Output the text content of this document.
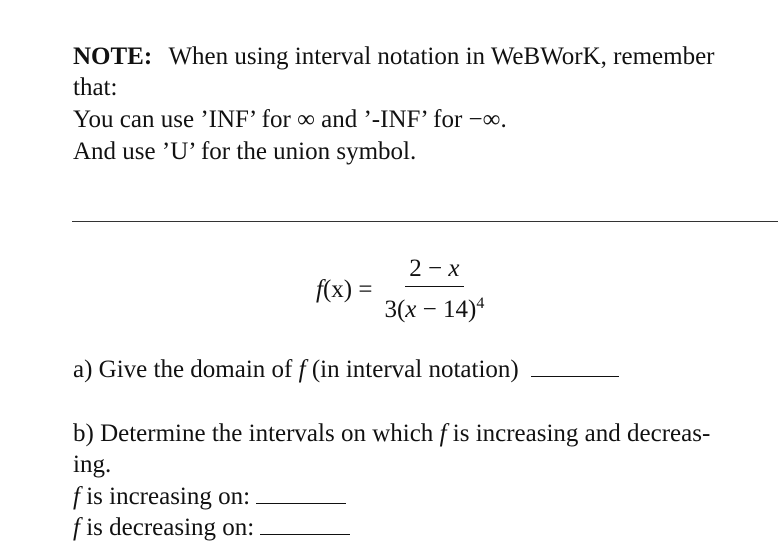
NOTE: When using interval notation in WeBWorK, remember
that:
You can use ’INF’ for ∞ and ’-INF’ for −∞.
And use ’U’ for the union symbol.
$f(x) = \frac{2 - x}{3(x - 14)^4}$
a) Give the domain of f (in interval notation)
b) Determine the intervals on which f is increasing and decreas-
ing.
f is increasing on:
f is decreasing on:
